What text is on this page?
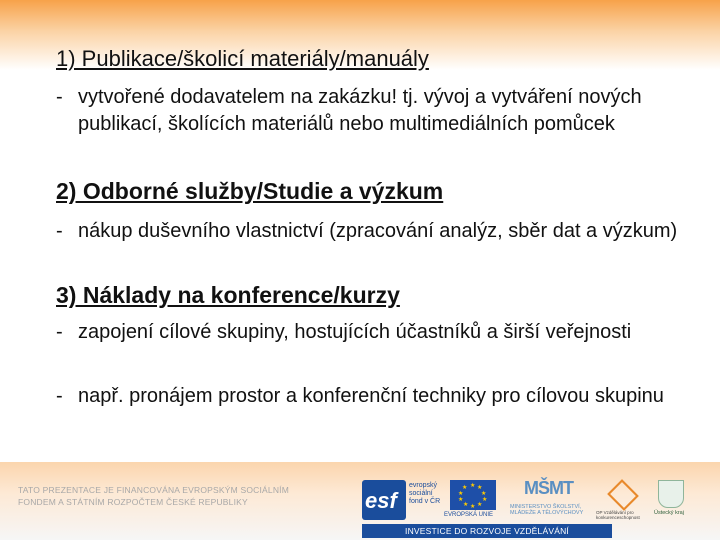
1) Publikace/školicí materiály/manuály
- vytvořené dodavatelem na zakázku! tj. vývoj a vytváření nových publikací, školících materiálů nebo multimediálních pomůcek
2) Odborné služby/Studie a výzkum
- nákup duševního vlastnictví (zpracování analýz, sběr dat a výzkum)
3) Náklady na konference/kurzy
- zapojení cílové skupiny, hostujících účastníků a širší veřejnosti
- např. pronájem prostor a konferenční techniky pro cílovou skupinu
TATO PREZENTACE JE FINANCOVÁNA EVROPSKÝM SOCIÁLNÍM FONDEM A STÁTNÍM ROZPOČTEM ČESKÉ REPUBLIKY	esf
evropský sociální fond v ČR
★ ★
★
★
★
★
★
★
★
★
EVROPSKÁ UNIE
MŠMT
MINISTERSTVO ŠKOLSTVÍ, MLÁDEŽE A TĚLOVÝCHOVY	OP Vzdělávání pro konkurenceschopnost
Ústecký kraj
INVESTICE DO ROZVOJE VZDĚLÁVÁNÍ
